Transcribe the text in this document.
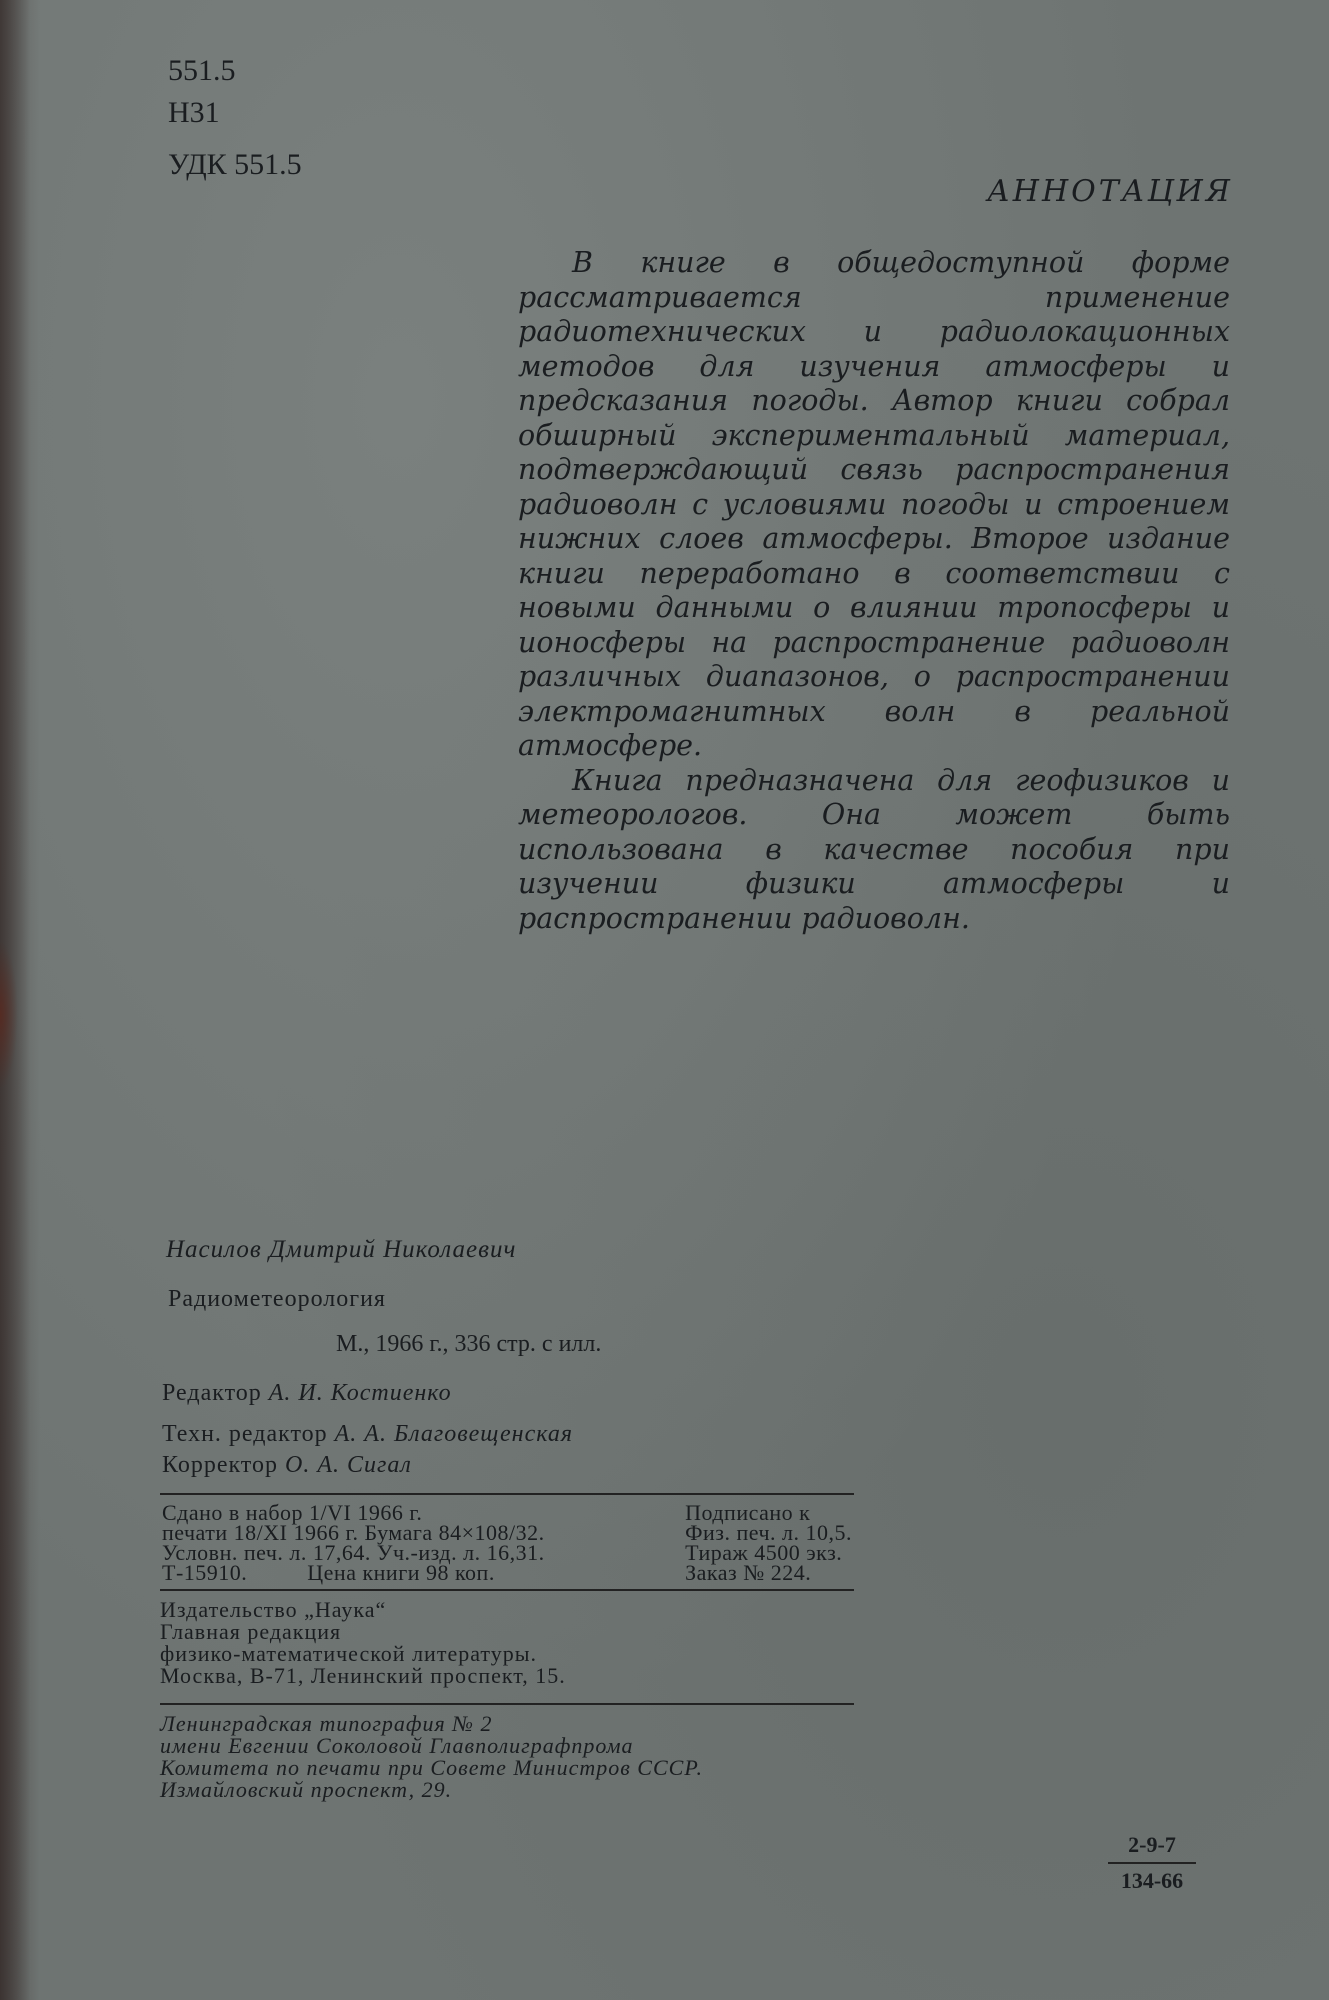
551.5
Н31
УДК 551.5
АННОТАЦИЯ

В книге в общедоступной форме рассматривается применение радиотехнических и радиолокационных методов для изучения атмосферы и предсказания погоды. Автор книги собрал обширный экспериментальный материал, подтверждающий связь распространения радиоволн с условиями погоды и строением нижних слоев атмосферы. Второе издание книги переработано в соответствии с новыми данными о влиянии тропосферы и ионосферы на распространение радиоволн различных диапазонов, о распространении электромагнитных волн в реальной атмосфере.

Книга предназначена для геофизиков и метеорологов. Она может быть использована в качестве пособия при изучении физики атмосферы и распространении радиоволн.

Насилов Дмитрий Николаевич
Радиометеорология
М., 1966 г., 336 стр. с илл.
Редактор А. И. Костиенко
Техн. редактор А. А. Благовещенская
Корректор О. А. Сигал
Сдано в набор 1/VI 1966 г.	Подписано к
печати 18/XI 1966 г. Бумага 84×108/32.	Физ. печ. л. 10,5.
Условн. печ. л. 17,64. Уч.-изд. л. 16,31.	Тираж 4500 экз.
Т-15910.          Цена книги 98 коп.	Заказ № 224.
Издательство „Наука“
Главная редакция
физико-математической литературы.
Москва, В-71, Ленинский проспект, 15.
Ленинградская типография № 2
имени Евгении Соколовой Главполиграфпрома
Комитета по печати при Совете Министров СССР.
Измайловский проспект, 29.
2-9-7
134-66
